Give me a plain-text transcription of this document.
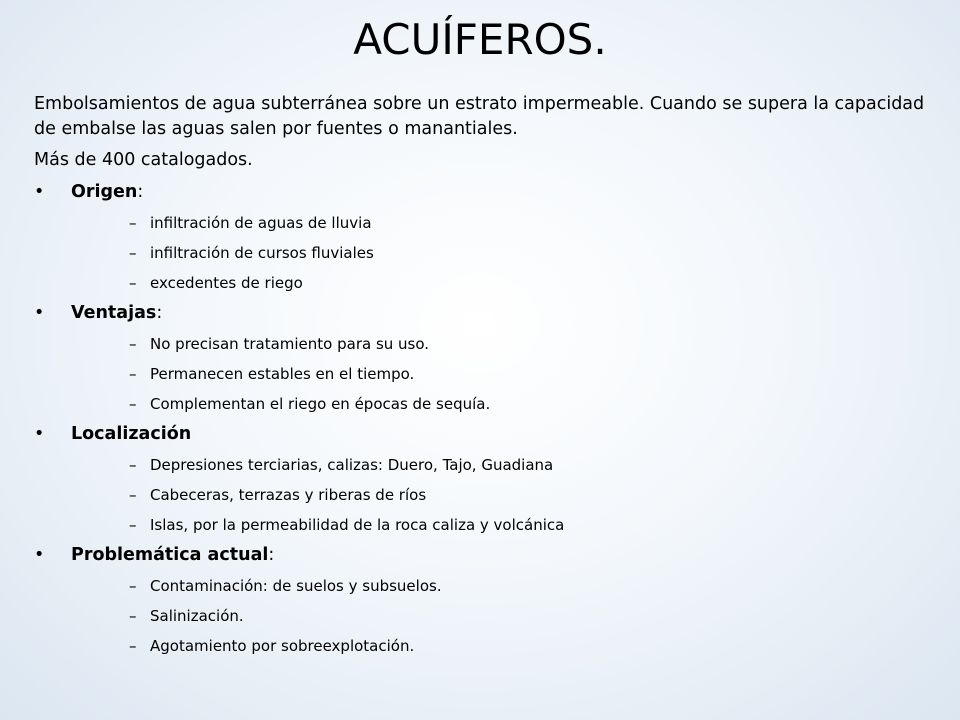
ACUÍFEROS.

Embolsamientos de agua subterránea sobre un estrato impermeable. Cuando se supera la capacidad de embalse las aguas salen por fuentes o manantiales.

Más de 400 catalogados.

• Origen:
– infiltración de aguas de lluvia
– infiltración de cursos fluviales
– excedentes de riego
• Ventajas:
– No precisan tratamiento para su uso.
– Permanecen estables en el tiempo.
– Complementan el riego en épocas de sequía.
• Localización
– Depresiones terciarias, calizas: Duero, Tajo, Guadiana
– Cabeceras, terrazas y riberas de ríos
– Islas, por la permeabilidad de la roca caliza y volcánica
• Problemática actual:
– Contaminación: de suelos y subsuelos.
– Salinización.
– Agotamiento por sobreexplotación.
